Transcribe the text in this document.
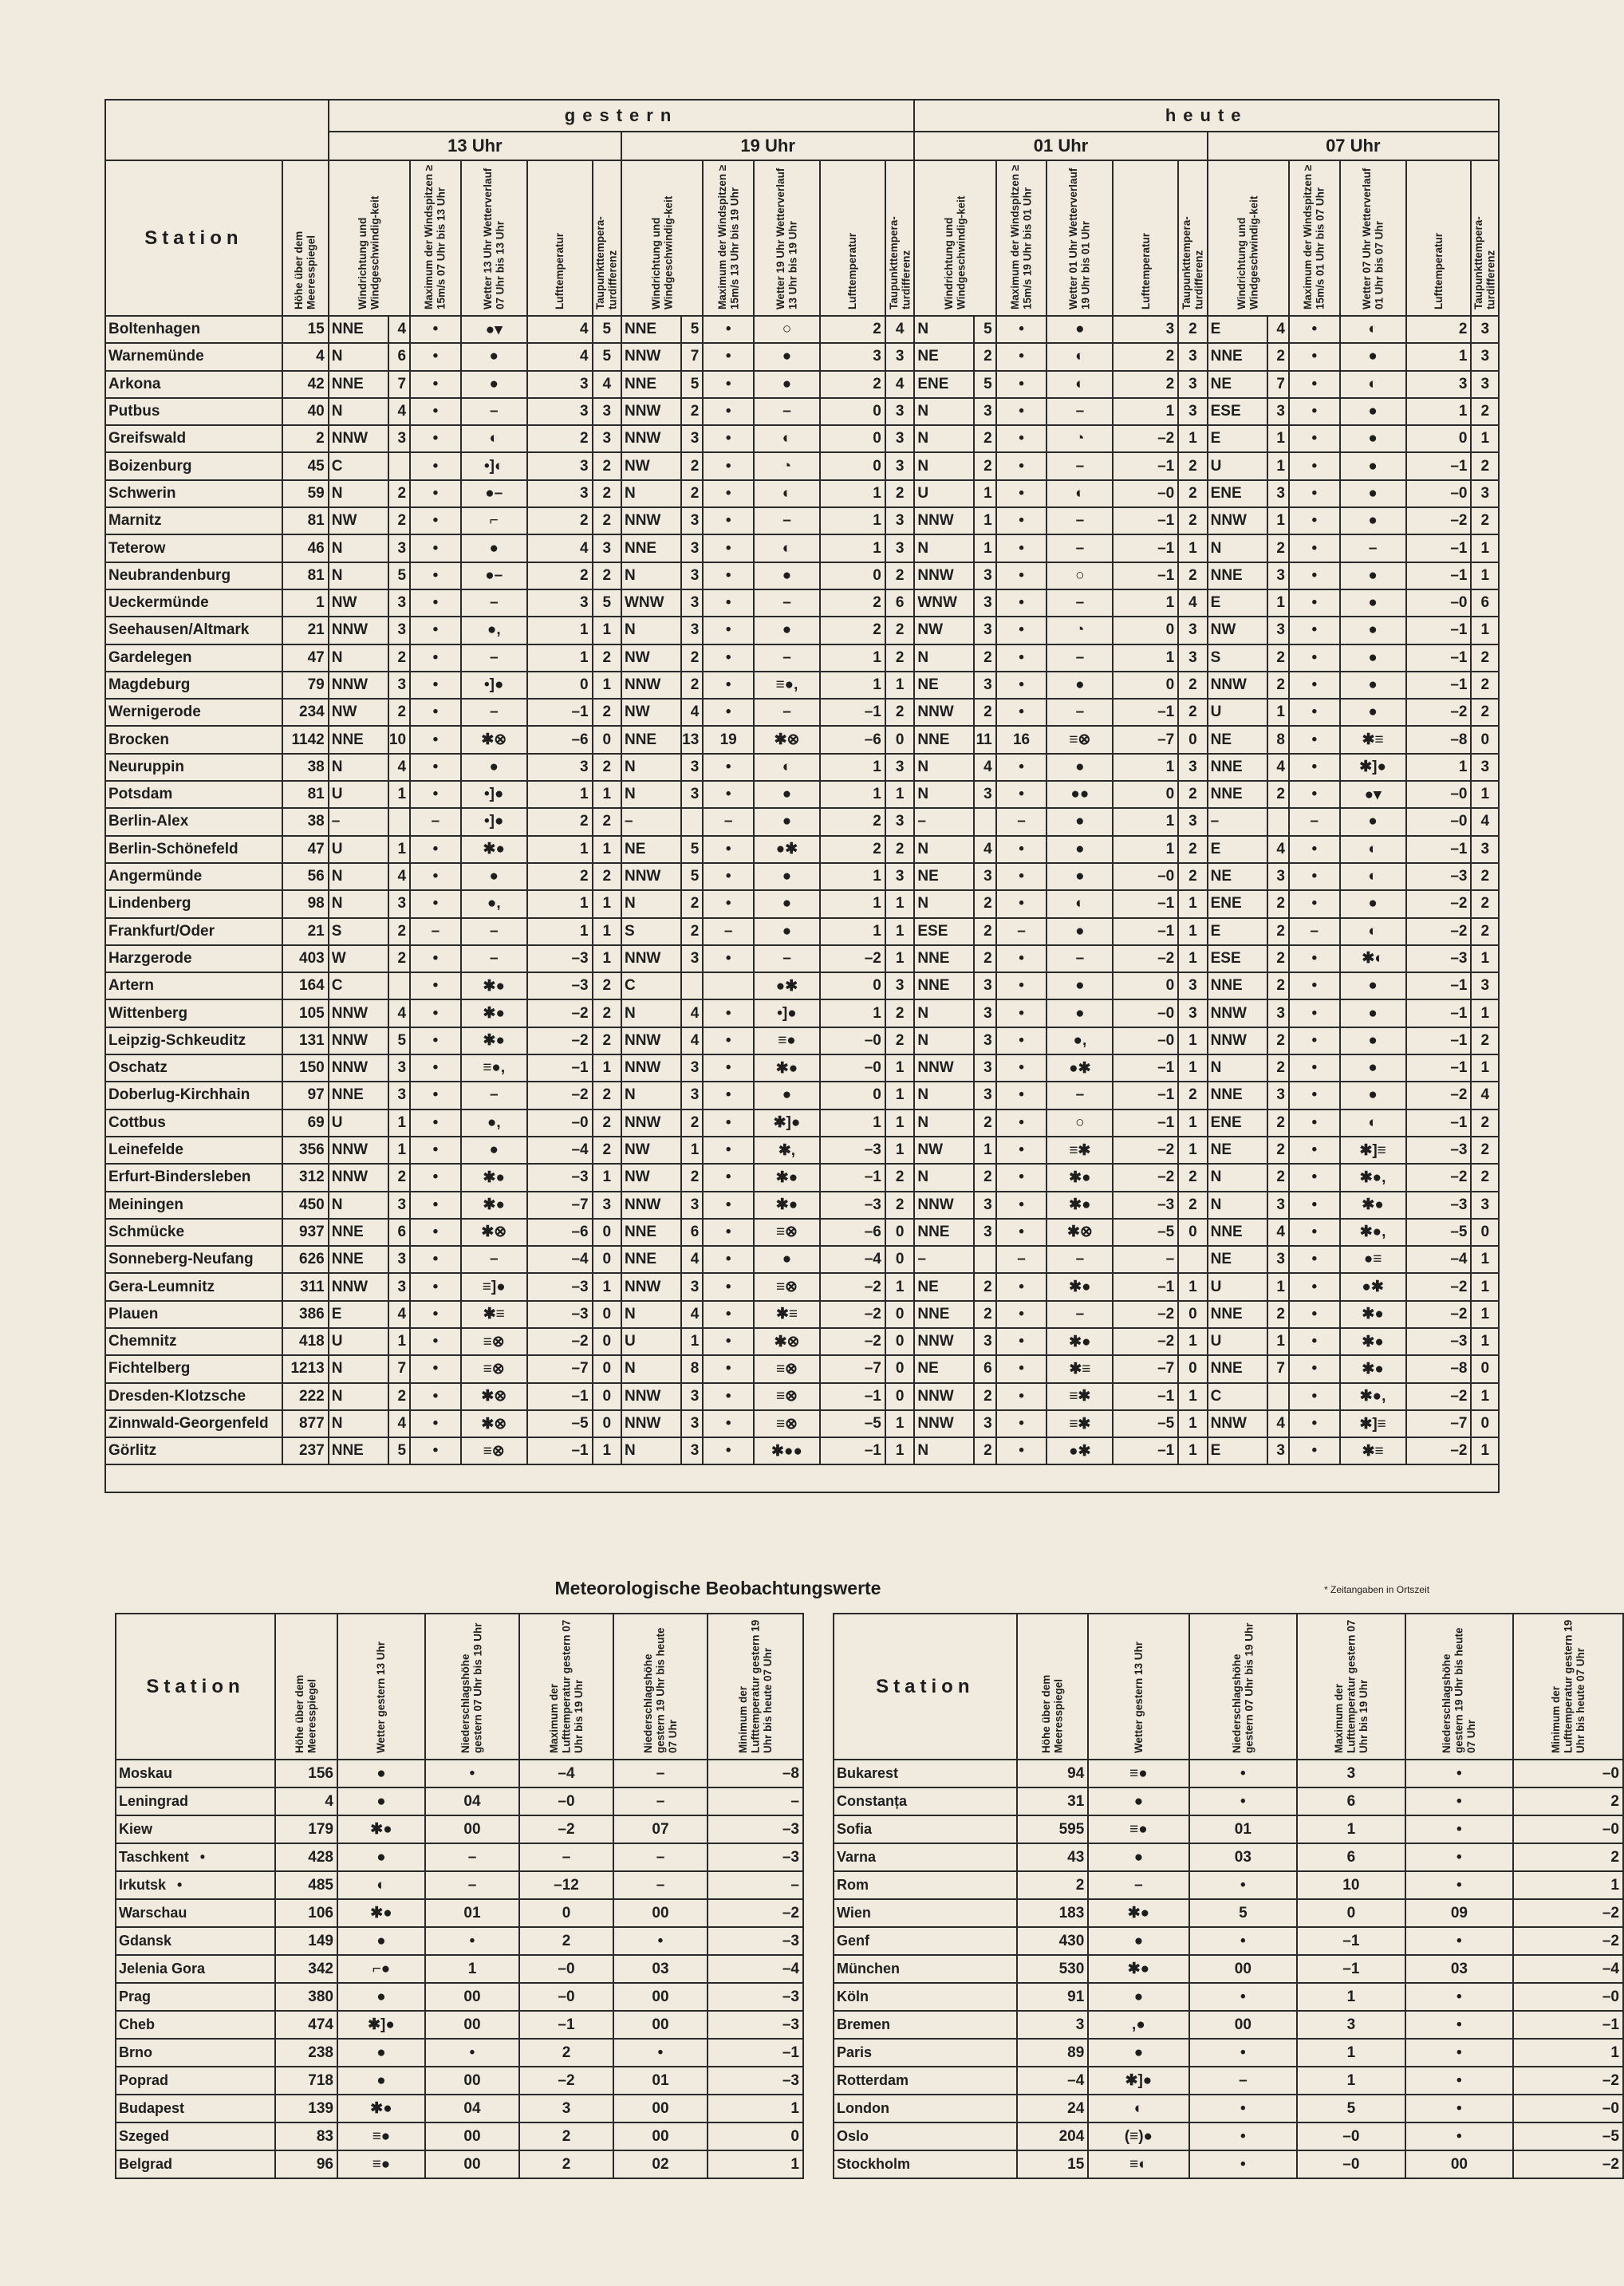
		gestern												heute											
		13 Uhr						19 Uhr						01 Uhr						07 Uhr					
Station	Höhe über dem Meeresspiegel	Windrichtung und Windgeschwindig-keit		Maximum der Windspitzen ≥ 15m/s 07 Uhr bis 13 Uhr	Wetter 13 Uhr Wetterverlauf 07 Uhr bis 13 Uhr	Lufttemperatur	Taupunkttempera-turdifferenz	Windrichtung und Windgeschwindig-keit		Maximum der Windspitzen ≥ 15m/s 13 Uhr bis 19 Uhr	Wetter 19 Uhr Wetterverlauf 13 Uhr bis 19 Uhr	Lufttemperatur	Taupunkttempera-turdifferenz	Windrichtung und Windgeschwindig-keit		Maximum der Windspitzen ≥ 15m/s 19 Uhr bis 01 Uhr	Wetter 01 Uhr Wetterverlauf 19 Uhr bis 01 Uhr	Lufttemperatur	Taupunkttempera-turdifferenz	Windrichtung und Windgeschwindig-keit		Maximum der Windspitzen ≥ 15m/s 01 Uhr bis 07 Uhr	Wetter 07 Uhr Wetterverlauf 01 Uhr bis 07 Uhr	Lufttemperatur	Taupunkttempera-turdifferenz
Boltenhagen	15	NNE	4	•	●▾	4	5	NNE	5	•	○	2	4	N	5	•	●	3	2	E	4	•	◐	2	3
Warnemünde	4	N	6	•	●	4	5	NNW	7	•	●	3	3	NE	2	•	◐	2	3	NNE	2	•	●	1	3
Arkona	42	NNE	7	•	●	3	4	NNE	5	•	●	2	4	ENE	5	•	◐	2	3	NE	7	•	◐	3	3
Putbus	40	N	4	•	–	3	3	NNW	2	•	–	0	3	N	3	•	–	1	3	ESE	3	•	●	1	2
Greifswald	2	NNW	3	•	◐	2	3	NNW	3	•	◐	0	3	N	2	•	◔	–2	1	E	1	•	●	0	1
Boizenburg	45	C		•	•]◐	3	2	NW	2	•	◔	0	3	N	2	•	–	–1	2	U	1	•	●	–1	2
Schwerin	59	N	2	•	●–	3	2	N	2	•	◐	1	2	U	1	•	◐	–0	2	ENE	3	•	●	–0	3
Marnitz	81	NW	2	•	⌐	2	2	NNW	3	•	–	1	3	NNW	1	•	–	–1	2	NNW	1	•	●	–2	2
Teterow	46	N	3	•	●	4	3	NNE	3	•	◐	1	3	N	1	•	–	–1	1	N	2	•	–	–1	1
Neubrandenburg	81	N	5	•	●–	2	2	N	3	•	●	0	2	NNW	3	•	○	–1	2	NNE	3	•	●	–1	1
Ueckermünde	1	NW	3	•	–	3	5	WNW	3	•	–	2	6	WNW	3	•	–	1	4	E	1	•	●	–0	6
Seehausen/Altmark	21	NNW	3	•	●,	1	1	N	3	•	●	2	2	NW	3	•	◔	0	3	NW	3	•	●	–1	1
Gardelegen	47	N	2	•	–	1	2	NW	2	•	–	1	2	N	2	•	–	1	3	S	2	•	●	–1	2
Magdeburg	79	NNW	3	•	•]●	0	1	NNW	2	•	≡●,	1	1	NE	3	•	●	0	2	NNW	2	•	●	–1	2
Wernigerode	234	NW	2	•	–	–1	2	NW	4	•	–	–1	2	NNW	2	•	–	–1	2	U	1	•	●	–2	2
Brocken	1142	NNE	10	•	✱⊗	–6	0	NNE	13	19	✱⊗	–6	0	NNE	11	16	≡⊗	–7	0	NE	8	•	✱≡	–8	0
Neuruppin	38	N	4	•	●	3	2	N	3	•	◐	1	3	N	4	•	●	1	3	NNE	4	•	✱]●	1	3
Potsdam	81	U	1	•	•]●	1	1	N	3	•	●	1	1	N	3	•	●●	0	2	NNE	2	•	●▾	–0	1
Berlin-Alex	38	–		–	•]●	2	2	–		–	●	2	3	–		–	●	1	3	–		–	●	–0	4
Berlin-Schönefeld	47	U	1	•	✱●	1	1	NE	5	•	●✱	2	2	N	4	•	●	1	2	E	4	•	◐	–1	3
Angermünde	56	N	4	•	●	2	2	NNW	5	•	●	1	3	NE	3	•	●	–0	2	NE	3	•	◐	–3	2
Lindenberg	98	N	3	•	●,	1	1	N	2	•	●	1	1	N	2	•	◐	–1	1	ENE	2	•	●	–2	2
Frankfurt/Oder	21	S	2	–	–	1	1	S	2	–	●	1	1	ESE	2	–	●	–1	1	E	2	–	◐	–2	2
Harzgerode	403	W	2	•	–	–3	1	NNW	3	•	–	–2	1	NNE	2	•	–	–2	1	ESE	2	•	✱◐	–3	1
Artern	164	C		•	✱●	–3	2	C			●✱	0	3	NNE	3	•	●	0	3	NNE	2	•	●	–1	3
Wittenberg	105	NNW	4	•	✱●	–2	2	N	4	•	•]●	1	2	N	3	•	●	–0	3	NNW	3	•	●	–1	1
Leipzig-Schkeuditz	131	NNW	5	•	✱●	–2	2	NNW	4	•	≡●	–0	2	N	3	•	●,	–0	1	NNW	2	•	●	–1	2
Oschatz	150	NNW	3	•	≡●,	–1	1	NNW	3	•	✱●	–0	1	NNW	3	•	●✱	–1	1	N	2	•	●	–1	1
Doberlug-Kirchhain	97	NNE	3	•	–	–2	2	N	3	•	●	0	1	N	3	•	–	–1	2	NNE	3	•	●	–2	4
Cottbus	69	U	1	•	●,	–0	2	NNW	2	•	✱]●	1	1	N	2	•	○	–1	1	ENE	2	•	◐	–1	2
Leinefelde	356	NNW	1	•	●	–4	2	NW	1	•	✱,	–3	1	NW	1	•	≡✱	–2	1	NE	2	•	✱]≡	–3	2
Erfurt-Bindersleben	312	NNW	2	•	✱●	–3	1	NW	2	•	✱●	–1	2	N	2	•	✱●	–2	2	N	2	•	✱●,	–2	2
Meiningen	450	N	3	•	✱●	–7	3	NNW	3	•	✱●	–3	2	NNW	3	•	✱●	–3	2	N	3	•	✱●	–3	3
Schmücke	937	NNE	6	•	✱⊗	–6	0	NNE	6	•	≡⊗	–6	0	NNE	3	•	✱⊗	–5	0	NNE	4	•	✱●,	–5	0
Sonneberg-Neufang	626	NNE	3	•	–	–4	0	NNE	4	•	●	–4	0	–		–	–	–		NE	3	•	●≡	–4	1
Gera-Leumnitz	311	NNW	3	•	≡]●	–3	1	NNW	3	•	≡⊗	–2	1	NE	2	•	✱●	–1	1	U	1	•	●✱	–2	1
Plauen	386	E	4	•	✱≡	–3	0	N	4	•	✱≡	–2	0	NNE	2	•	–	–2	0	NNE	2	•	✱●	–2	1
Chemnitz	418	U	1	•	≡⊗	–2	0	U	1	•	✱⊗	–2	0	NNW	3	•	✱●	–2	1	U	1	•	✱●	–3	1
Fichtelberg	1213	N	7	•	≡⊗	–7	0	N	8	•	≡⊗	–7	0	NE	6	•	✱≡	–7	0	NNE	7	•	✱●	–8	0
Dresden-Klotzsche	222	N	2	•	✱⊗	–1	0	NNW	3	•	≡⊗	–1	0	NNW	2	•	≡✱	–1	1	C		•	✱●,	–2	1
Zinnwald-Georgenfeld	877	N	4	•	✱⊗	–5	0	NNW	3	•	≡⊗	–5	1	NNW	3	•	≡✱	–5	1	NNW	4	•	✱]≡	–7	0
Görlitz	237	NNE	5	•	≡⊗	–1	1	N	3	•	✱●●	–1	1	N	2	•	●✱	–1	1	E	3	•	✱≡	–2	1

Meteorologische Beobachtungswerte	* Zeitangaben in Ortszeit
Station	Höhe über dem Meeresspiegel	Wetter gestern 13 Uhr	Niederschlagshöhe gestern 07 Uhr bis 19 Uhr	Maximum der Lufttemperatur gestern 07 Uhr bis 19 Uhr	Niederschlagshöhe gestern 19 Uhr bis heute 07 Uhr	Minimum der Lufttemperatur gestern 19 Uhr bis heute 07 Uhr
Moskau	156	●	•	–4	–	–8
Leningrad	4	●	04	–0	–	–
Kiew	179	✱●	00	–2	07	–3
Taschkent •	428	●	–	–	–	–3
Irkutsk •	485	◐	–	–12	–	–
Warschau	106	✱●	01	0	00	–2
Gdansk	149	●	•	2	•	–3
Jelenia Gora	342	⌐●	1	–0	03	–4
Prag	380	●	00	–0	00	–3
Cheb	474	✱]●	00	–1	00	–3
Brno	238	●	•	2	•	–1
Poprad	718	●	00	–2	01	–3
Budapest	139	✱●	04	3	00	1
Szeged	83	≡●	00	2	00	0
Belgrad	96	≡●	00	2	02	1
Station	Höhe über dem Meeresspiegel	Wetter gestern 13 Uhr	Niederschlagshöhe gestern 07 Uhr bis 19 Uhr	Maximum der Lufttemperatur gestern 07 Uhr bis 19 Uhr	Niederschlagshöhe gestern 19 Uhr bis heute 07 Uhr	Minimum der Lufttemperatur gestern 19 Uhr bis heute 07 Uhr
Bukarest	94	≡●	•	3	•	–0
Constanța	31	●	•	6	•	2
Sofia	595	≡●	01	1	•	–0
Varna	43	●	03	6	•	2
Rom	2	–	•	10	•	1
Wien	183	✱●	5	0	09	–2
Genf	430	●	•	–1	•	–2
München	530	✱●	00	–1	03	–4
Köln	91	●	•	1	•	–0
Bremen	3	,●	00	3	•	–1
Paris	89	●	•	1	•	1
Rotterdam	–4	✱]●	–	1	•	–2
London	24	◐	•	5	•	–0
Oslo	204	(≡)●	•	–0	•	–5
Stockholm	15	≡◐	•	–0	00	–2
